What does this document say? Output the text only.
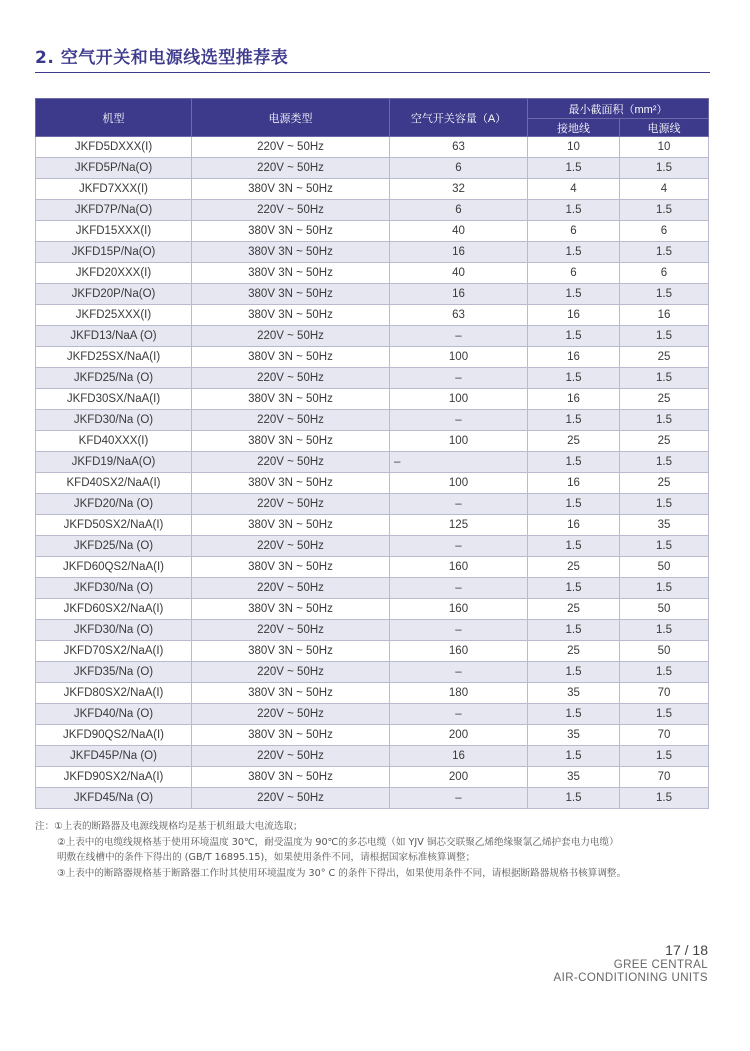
2. 空气开关和电源线选型推荐表
机型	电源类型	空气开关容量（A）	最小截面积（mm²）	
			接地线	电源线
JKFD5DXXX(I)	220V ~ 50Hz	63	10	10
JKFD5P/Na(O)	220V ~ 50Hz	6	1.5	1.5
JKFD7XXX(I)	380V 3N ~ 50Hz	32	4	4
JKFD7P/Na(O)	220V ~ 50Hz	6	1.5	1.5
JKFD15XXX(I)	380V 3N ~ 50Hz	40	6	6
JKFD15P/Na(O)	380V 3N ~ 50Hz	16	1.5	1.5
JKFD20XXX(I)	380V 3N ~ 50Hz	40	6	6
JKFD20P/Na(O)	380V 3N ~ 50Hz	16	1.5	1.5
JKFD25XXX(I)	380V 3N ~ 50Hz	63	16	16
JKFD13/NaA (O)	220V ~ 50Hz	–	1.5	1.5
JKFD25SX/NaA(I)	380V 3N ~ 50Hz	100	16	25
JKFD25/Na (O)	220V ~ 50Hz	–	1.5	1.5
JKFD30SX/NaA(I)	380V 3N ~ 50Hz	100	16	25
JKFD30/Na (O)	220V ~ 50Hz	–	1.5	1.5
KFD40XXX(I)	380V 3N ~ 50Hz	100	25	25
JKFD19/NaA(O)	220V ~ 50Hz	–	1.5	1.5
KFD40SX2/NaA(I)	380V 3N ~ 50Hz	100	16	25
JKFD20/Na (O)	220V ~ 50Hz	–	1.5	1.5
JKFD50SX2/NaA(I)	380V 3N ~ 50Hz	125	16	35
JKFD25/Na (O)	220V ~ 50Hz	–	1.5	1.5
JKFD60QS2/NaA(I)	380V 3N ~ 50Hz	160	25	50
JKFD30/Na (O)	220V ~ 50Hz	–	1.5	1.5
JKFD60SX2/NaA(I)	380V 3N ~ 50Hz	160	25	50
JKFD30/Na (O)	220V ~ 50Hz	–	1.5	1.5
JKFD70SX2/NaA(I)	380V 3N ~ 50Hz	160	25	50
JKFD35/Na (O)	220V ~ 50Hz	–	1.5	1.5
JKFD80SX2/NaA(I)	380V 3N ~ 50Hz	180	35	70
JKFD40/Na (O)	220V ~ 50Hz	–	1.5	1.5
JKFD90QS2/NaA(I)	380V 3N ~ 50Hz	200	35	70
JKFD45P/Na (O)	220V ~ 50Hz	16	1.5	1.5
JKFD90SX2/NaA(I)	380V 3N ~ 50Hz	200	35	70
JKFD45/Na (O)	220V ~ 50Hz	–	1.5	1.5
注：①上表的断路器及电源线规格均是基于机组最大电流选取；
②上表中的电缆线规格基于使用环境温度 30℃，耐受温度为 90℃的多芯电缆（如 YJV 铜芯交联聚乙烯绝缘聚氯乙烯护套电力电缆）
明敷在线槽中的条件下得出的 (GB/T 16895.15)，如果使用条件不同，请根据国家标准核算调整；
③上表中的断路器规格基于断路器工作时其使用环境温度为 30° C 的条件下得出，如果使用条件不同，请根据断路器规格书核算调整。
17 / 18
GREE CENTRAL
AIR-CONDITIONING UNITS
